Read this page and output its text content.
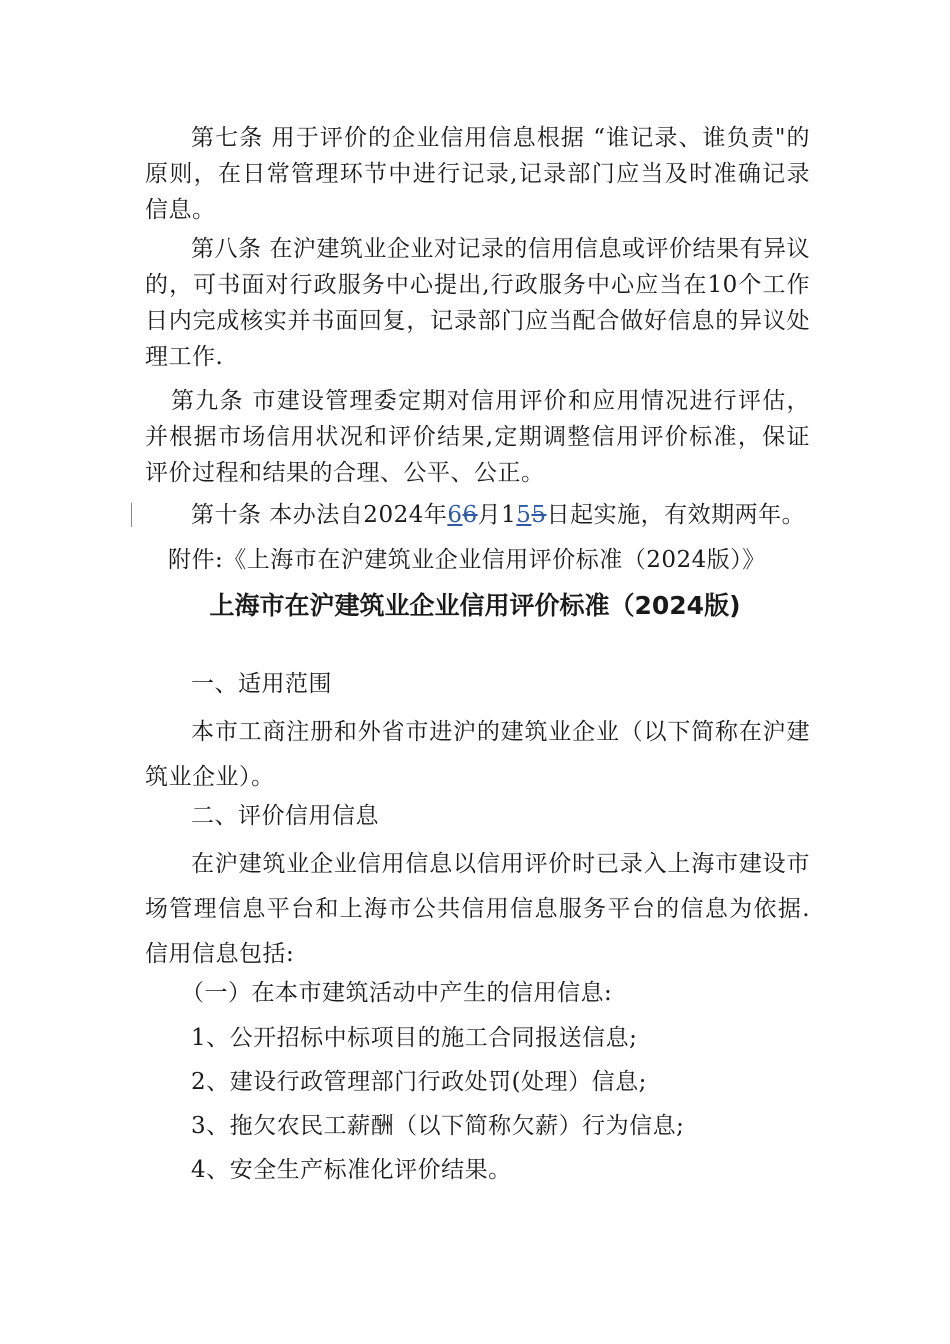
第七条 用于评价的企业信用信息根据 “谁记录、谁负责"的原则，在日常管理环节中进行记录,记录部门应当及时准确记录信息。

第八条 在沪建筑业企业对记录的信用信息或评价结果有异议的，可书面对行政服务中心提出,行政服务中心应当在10个工作日内完成核实并书面回复，记录部门应当配合做好信息的异议处理工作.

第九条 市建设管理委定期对信用评价和应用情况进行评估，并根据市场信用状况和评价结果,定期调整信用评价标准，保证评价过程和结果的合理、公平、公正。

第十条 本办法自2024年66月155日起实施，有效期两年。

附件:《上海市在沪建筑业企业信用评价标准（2024版）》

上海市在沪建筑业企业信用评价标准（2024版)

一、适用范围

本市工商注册和外省市进沪的建筑业企业（以下简称在沪建筑业企业）。

二、评价信用信息

在沪建筑业企业信用信息以信用评价时已录入上海市建设市场管理信息平台和上海市公共信用信息服务平台的信息为依据.信用信息包括:

（一）在本市建筑活动中产生的信用信息:

1、公开招标中标项目的施工合同报送信息;

2、建设行政管理部门行政处罚(处理）信息;

3、拖欠农民工薪酬（以下简称欠薪）行为信息;

4、安全生产标准化评价结果。
